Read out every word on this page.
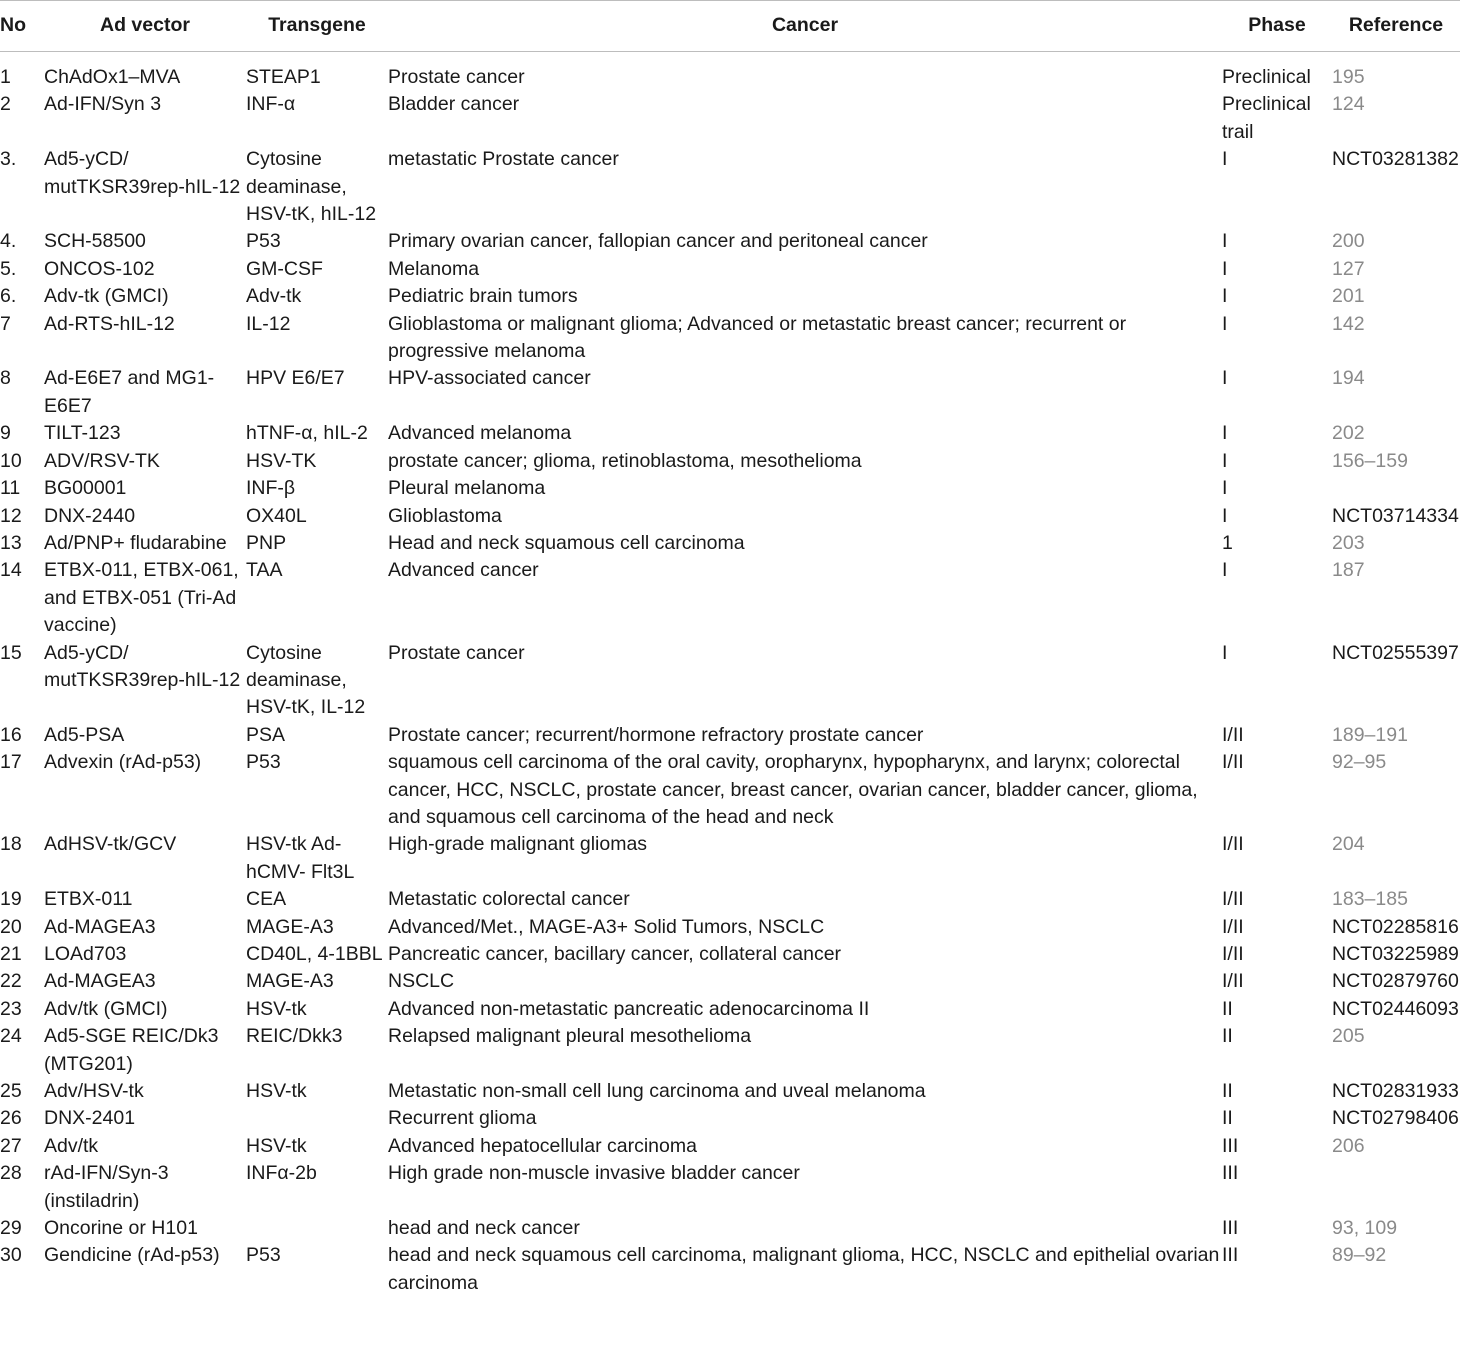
No	Ad vector	Transgene	Cancer	Phase	Reference
1	ChAdOx1–MVA	STEAP1	Prostate cancer	Preclinical	195
2	Ad-IFN/Syn 3	INF-α	Bladder cancer	Preclinical trail	124
3.	Ad5-yCD/ mutTKSR39rep-hIL-12	Cytosine deaminase, HSV-tK, hIL-12	metastatic Prostate cancer	I	NCT03281382
4.	SCH-58500	P53	Primary ovarian cancer, fallopian cancer and peritoneal cancer	I	200
5.	ONCOS-102	GM-CSF	Melanoma	I	127
6.	Adv-tk (GMCI)	Adv-tk	Pediatric brain tumors	I	201
7	Ad-RTS-hIL-12	IL-12	Glioblastoma or malignant glioma; Advanced or metastatic breast cancer; recurrent or progressive melanoma	I	142
8	Ad-E6E7 and MG1-E6E7	HPV E6/E7	HPV-associated cancer	I	194
9	TILT-123	hTNF-α, hIL-2	Advanced melanoma	I	202
10	ADV/RSV-TK	HSV-TK	prostate cancer; glioma, retinoblastoma, mesothelioma	I	156–159
11	BG00001	INF-β	Pleural melanoma	I	
12	DNX-2440	OX40L	Glioblastoma	I	NCT03714334
13	Ad/PNP+ fludarabine	PNP	Head and neck squamous cell carcinoma	1	203
14	ETBX-011, ETBX-061, and ETBX-051 (Tri-Ad vaccine)	TAA	Advanced cancer	I	187
15	Ad5-yCD/ mutTKSR39rep-hIL-12	Cytosine deaminase, HSV-tK, IL-12	Prostate cancer	I	NCT02555397
16	Ad5-PSA	PSA	Prostate cancer; recurrent/hormone refractory prostate cancer	I/II	189–191
17	Advexin (rAd-p53)	P53	squamous cell carcinoma of the oral cavity, oropharynx, hypopharynx, and larynx; colorectal cancer, HCC, NSCLC, prostate cancer, breast cancer, ovarian cancer, bladder cancer, glioma, and squamous cell carcinoma of the head and neck	I/II	92–95
18	AdHSV-tk/GCV	HSV-tk Ad-hCMV- Flt3L	High-grade malignant gliomas	I/II	204
19	ETBX-011	CEA	Metastatic colorectal cancer	I/II	183–185
20	Ad-MAGEA3	MAGE-A3	Advanced/Met., MAGE-A3+ Solid Tumors, NSCLC	I/II	NCT02285816
21	LOAd703	CD40L, 4-1BBL	Pancreatic cancer, bacillary cancer, collateral cancer	I/II	NCT03225989
22	Ad-MAGEA3	MAGE-A3	NSCLC	I/II	NCT02879760
23	Adv/tk (GMCI)	HSV-tk	Advanced non-metastatic pancreatic adenocarcinoma II	II	NCT02446093
24	Ad5-SGE REIC/Dk3 (MTG201)	REIC/Dkk3	Relapsed malignant pleural mesothelioma	II	205
25	Adv/HSV-tk	HSV-tk	Metastatic non-small cell lung carcinoma and uveal melanoma	II	NCT02831933
26	DNX-2401		Recurrent glioma	II	NCT02798406
27	Adv/tk	HSV-tk	Advanced hepatocellular carcinoma	III	206
28	rAd-IFN/Syn-3 (instiladrin)	INFα-2b	High grade non-muscle invasive bladder cancer	III	
29	Oncorine or H101		head and neck cancer	III	93, 109
30	Gendicine (rAd-p53)	P53	head and neck squamous cell carcinoma, malignant glioma, HCC, NSCLC and epithelial ovarian carcinoma	III	89–92
